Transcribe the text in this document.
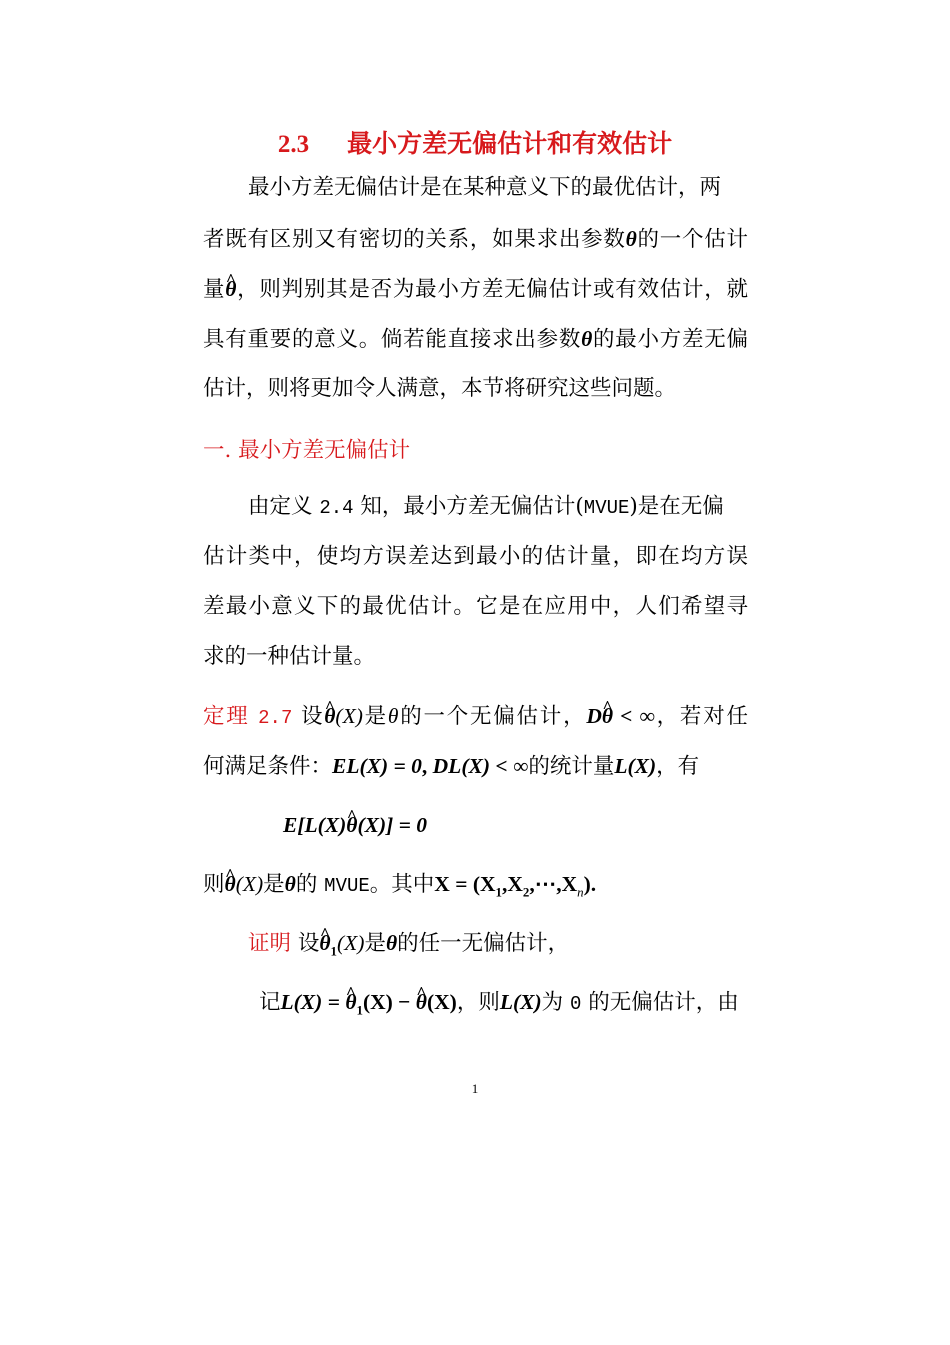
2.3 最小方差无偏估计和有效估计
最小方差无偏估计是在某种意义下的最优估计，两
者既有区别又有密切的关系，如果求出参数θ的一个估计
量^ θ，则判别其是否为最小方差无偏估计或有效估计，就
具有重要的意义。倘若能直接求出参数θ的最小方差无偏
估计，则将更加令人满意，本节将研究这些问题。
一. 最小方差无偏估计
由定义 2.4 知，最小方差无偏估计(MVUE)是在无偏
估计类中，使均方误差达到最小的估计量，即在均方误
差最小意义下的最优估计。它是在应用中，人们希望寻
求的一种估计量。
定理 2.7 设^ θ(X)是θ的一个无偏估计，D^ θ < ∞，若对任
何满足条件：EL(X) = 0, DL(X) < ∞的统计量L(X)，有
E[L(X)^ θ(X)] = 0
则^ θ(X)是θ的 MVUE。其中$X = (X_1,X_2,\cdots,X_n)$.
证明 设^ $\theta_1(X)$是θ的任一无偏估计，
记L(X) = ^ $\theta_1(X)$ − ^ θ(X)，则L(X)为 0 的无偏估计，由
1
